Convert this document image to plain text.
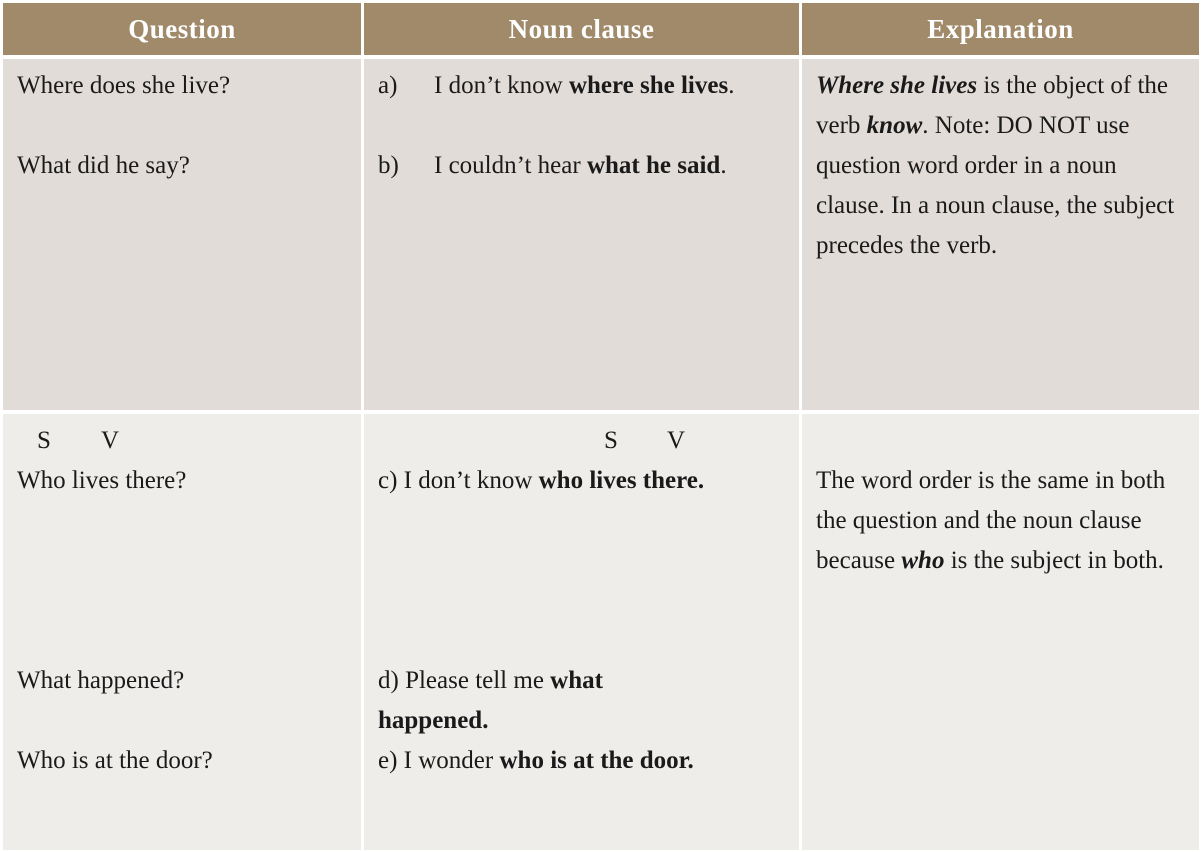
Question	Noun clause	Explanation
Where does she live?
What did he say?
a) I don’t know where she lives.
b) I couldn’t hear what he said.
Where she lives is the object of the verb know. Note: DO NOT use question word order in a noun clause. In a noun clause, the subject precedes the verb.
S V
Who lives there?
What happened?
Who is at the door?
S V
c) I don’t know who lives there.
d) Please tell me what happened.
e) I wonder who is at the door.
The word order is the same in both the question and the noun clause because who is the subject in both.
